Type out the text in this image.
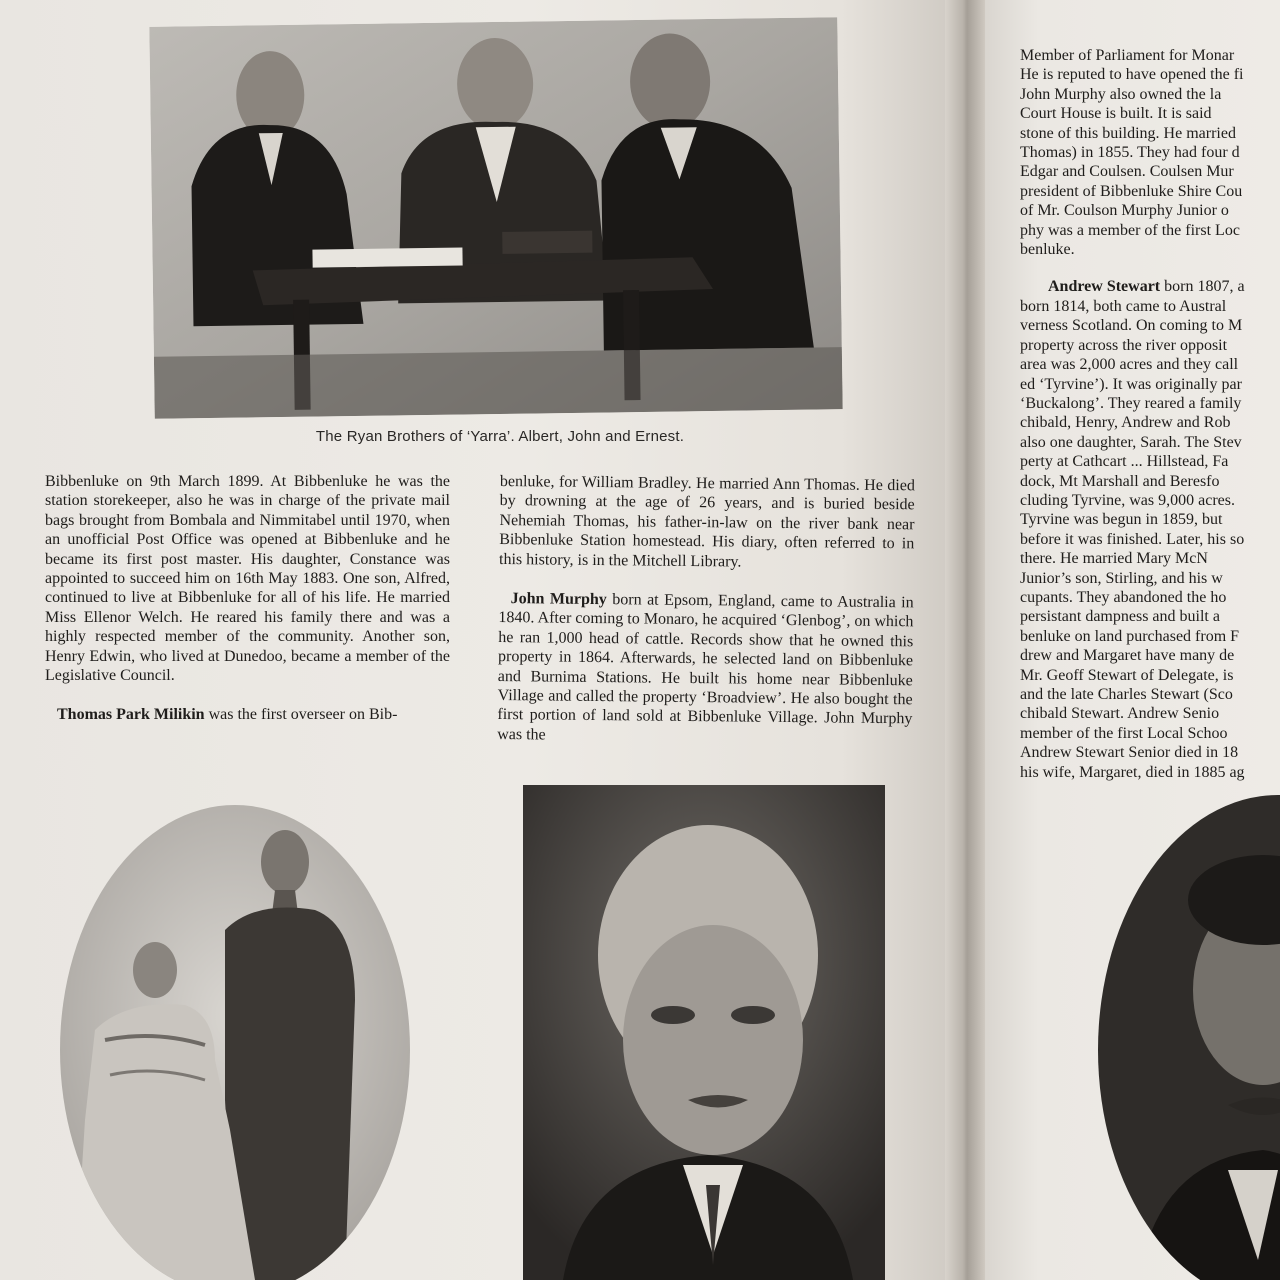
The Ryan Brothers of ‘Yarra’. Albert, John and Ernest.

Bibbenluke on 9th March 1899. At Bibbenluke he was the station storekeeper, also he was in charge of the private mail bags brought from Bombala and Nimmitabel until 1970, when an unofficial Post Office was opened at Bibbenluke and he became its first post master. His daughter, Constance was appointed to succeed him on 16th May 1883. One son, Alfred, continued to live at Bibbenluke for all of his life. He married Miss Ellenor Welch. He reared his family there and was a highly respected member of the community. Another son, Henry Edwin, who lived at Dunedoo, became a member of the Legislative Council.

Thomas Park Milikin was the first overseer on Bib-

benluke, for William Bradley. He married Ann Thomas. He died by drowning at the age of 26 years, and is buried beside Nehemiah Thomas, his father-in-law on the river bank near Bibbenluke Station homestead. His diary, often referred to in this history, is in the Mitchell Library.

John Murphy born at Epsom, England, came to Australia in 1840. After coming to Monaro, he acquired ‘Glenbog’, on which he ran 1,000 head of cattle. Records show that he owned this property in 1864. Afterwards, he selected land on Bibbenluke and Burnima Stations. He built his home near Bibbenluke Village and called the property ‘Broadview’. He also bought the first portion of land sold at Bibbenluke Village. John Murphy was the

Member of Parliament for Monar
He is reputed to have opened the fi
John Murphy also owned the la
Court House is built. It is said
stone of this building. He married
Thomas) in 1855. They had four d
Edgar and Coulsen. Coulsen Mur
president of Bibbenluke Shire Cou
of Mr. Coulson Murphy Junior o
phy was a member of the first Loc
benluke.
Andrew Stewart born 1807, a
born 1814, both came to Austral
verness Scotland. On coming to M
property across the river opposit
area was 2,000 acres and they call
ed ‘Tyrvine’). It was originally par
‘Buckalong’. They reared a family
chibald, Henry, Andrew and Rob
also one daughter, Sarah. The Stev
perty at Cathcart ... Hillstead, Fa
dock, Mt Marshall and Beresfo
cluding Tyrvine, was 9,000 acres.
Tyrvine was begun in 1859, but
before it was finished. Later, his so
there. He married Mary McN
Junior’s son, Stirling, and his w
cupants. They abandoned the ho
persistant dampness and built a
benluke on land purchased from F
drew and Margaret have many de
Mr. Geoff Stewart of Delegate, is
and the late Charles Stewart (Sco
chibald Stewart. Andrew Senio
member of the first Local Schoo
Andrew Stewart Senior died in 18
his wife, Margaret, died in 1885 ag
